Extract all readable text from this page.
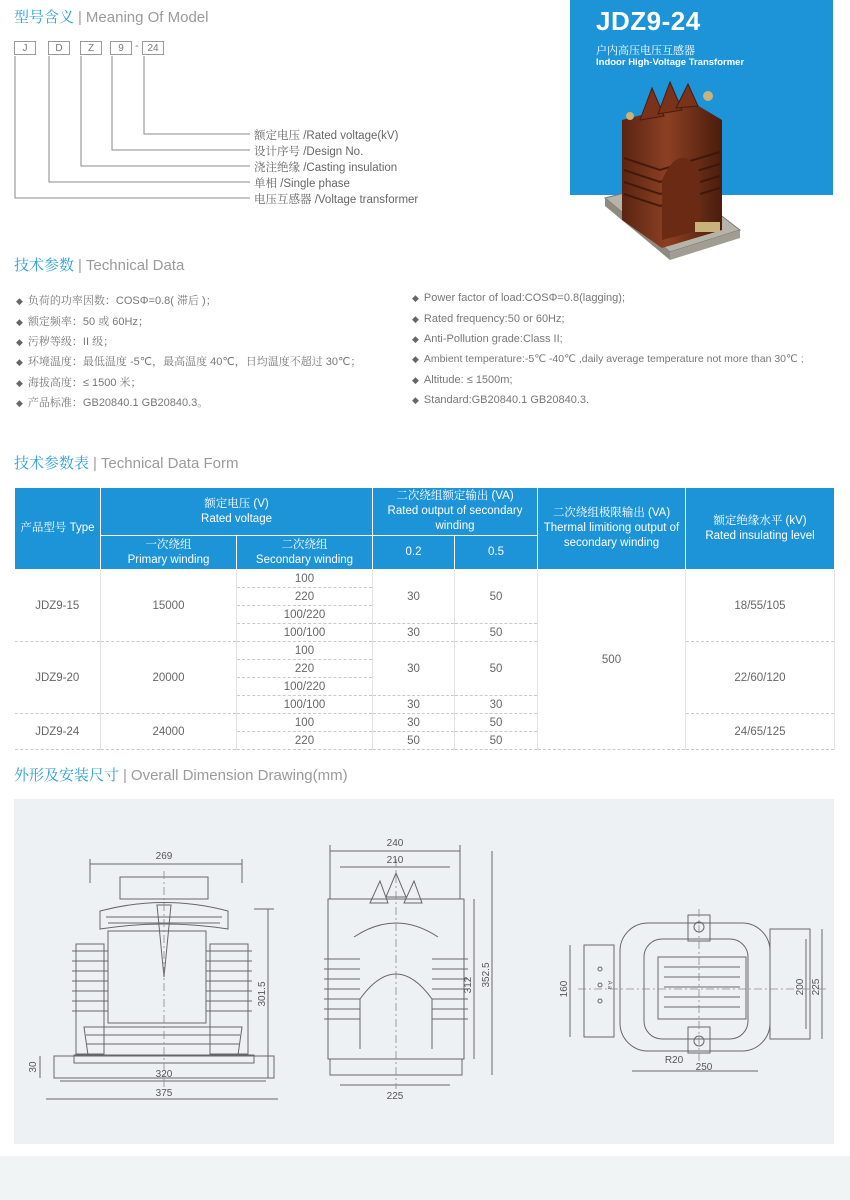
型号含义 | Meaning Of Model
J	D	Z	9	- 24
额定电压 /Rated voltage(kV)
设计序号 /Design No.
浇注绝缘 /Casting insulation
单相 /Single phase
电压互感器 /Voltage transformer
JDZ9-24
户内高压电压互感器
Indoor High-Voltage Transformer
技术参数 | Technical Data
◆ 负荷的功率因数：COSΦ=0.8( 滞后 )；
◆ 额定频率：50 或 60Hz；
◆ 污秽等级：II 级；
◆ 环境温度：最低温度 -5℃，最高温度 40℃，日均温度不超过 30℃；
◆ 海拔高度：≤ 1500 米；
◆ 产品标准：GB20840.1 GB20840.3。
◆ Power factor of load:COSΦ=0.8(lagging);
◆ Rated frequency:50 or 60Hz;
◆ Anti-Pollution grade:Class II;
◆ Ambient temperature:-5℃ -40℃ ,daily average temperature not more than 30℃ ;
◆ Altitude: ≤ 1500m;
◆ Standard:GB20840.1 GB20840.3.
技术参数表 | Technical Data Form
产品型号 Type	额定电压 (V)
Rated voltage		二次绕组额定输出 (VA)
Rated output of secondary winding		二次绕组极限输出 (VA)
Thermal limitiong output of secondary winding	额定绝缘水平 (kV)
Rated insulating level
	一次绕组
Primary winding	二次绕组
Secondary winding	0.2	0.5		
JDZ9-15	15000	100	30	50	500	18/55/105
		220				
		100/220				
		100/100	30	50		
JDZ9-20	20000	100	30	50		22/60/120
		220				
		100/220				
		100/100	30	30		
JDZ9-24	24000	100	30	50		24/65/125
		220	50	50		
外形及安装尺寸 | Overall Dimension Drawing(mm)
269
320
375
301.5
30
240
210
225
312 352.5
160	200 225
R20
250
A a
